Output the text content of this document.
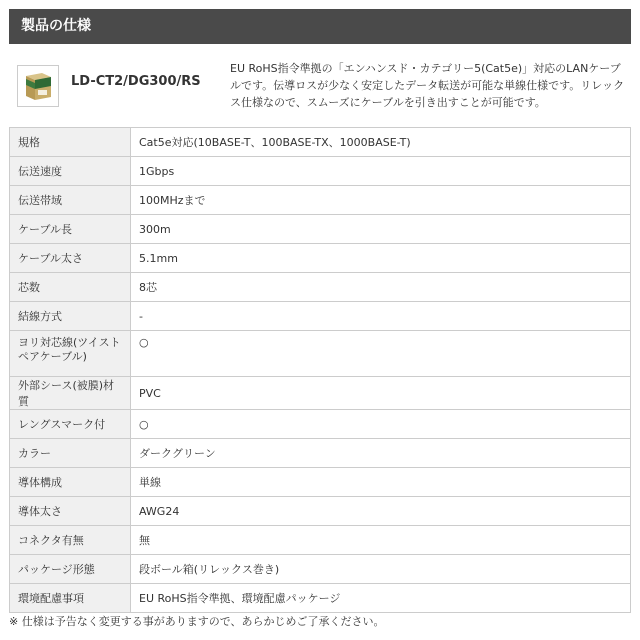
製品の仕様
LD-CT2/DG300/RS
EU RoHS指令準拠の「エンハンスド・カテゴリー5(Cat5e)」対応のLANケーブルです。伝導ロスが少なく安定したデータ転送が可能な単線仕様です。リレックス仕様なので、スムーズにケーブルを引き出すことが可能です。
規格	Cat5e対応(10BASE-T、100BASE-TX、1000BASE-T)
伝送速度	1Gbps
伝送帯域	100MHzまで
ケーブル長	300m
ケーブル太さ	5.1mm
芯数	8芯
結線方式	-
ヨリ対芯線(ツイストペアケーブル)	○
外部シース(被膜)材質	PVC
レングスマーク付	○
カラー	ダークグリーン
導体構成	単線
導体太さ	AWG24
コネクタ有無	無
パッケージ形態	段ボール箱(リレックス巻き)
環境配慮事項	EU RoHS指令準拠、環境配慮パッケージ
※ 仕様は予告なく変更する事がありますので、あらかじめご了承ください。
